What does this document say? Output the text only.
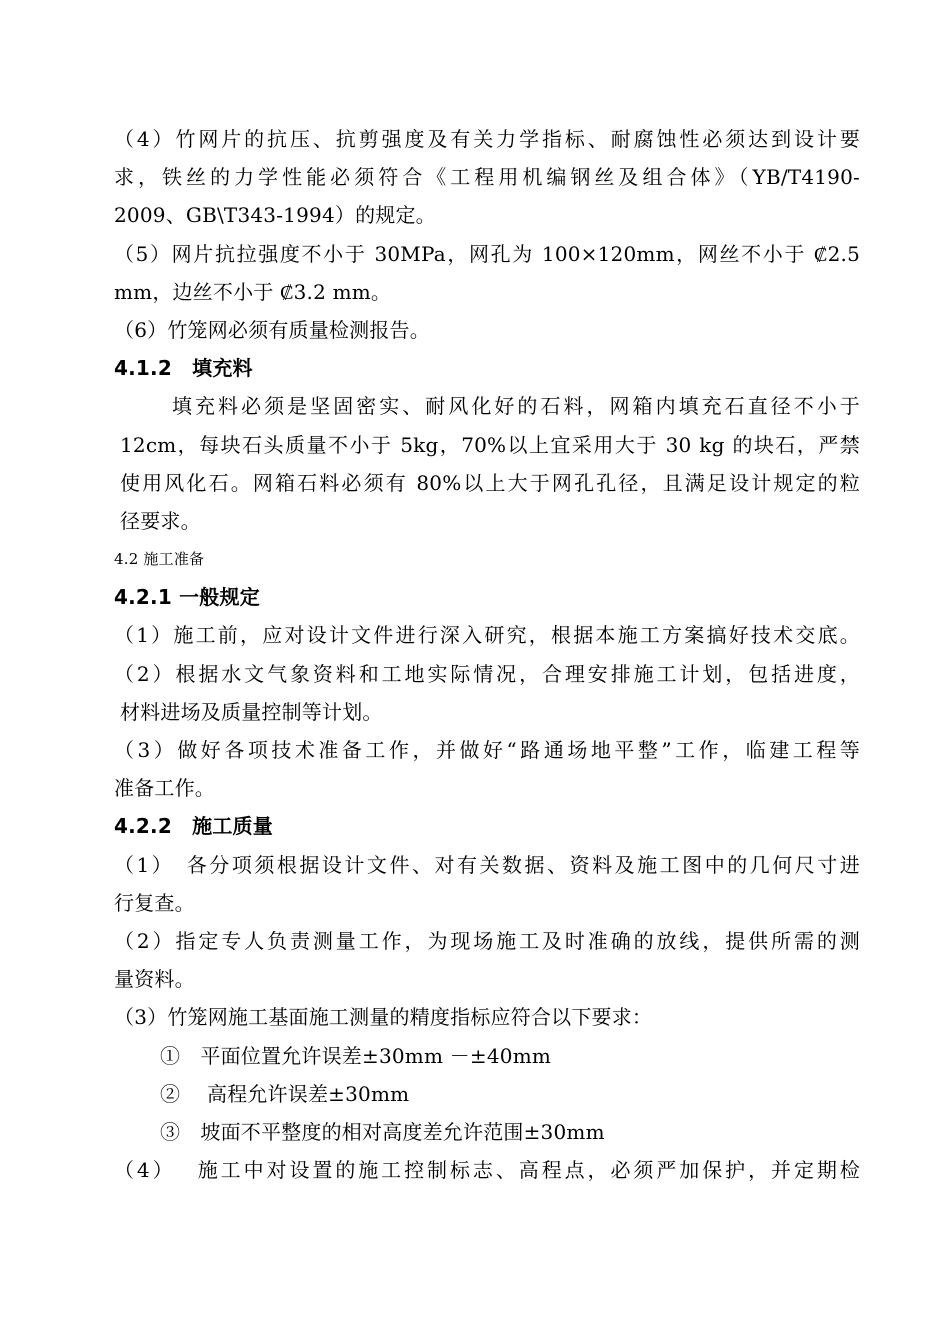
（4）竹网片的抗压、抗剪强度及有关力学指标、耐腐蚀性必须达到设计要
求，铁丝的力学性能必须符合《工程用机编钢丝及组合体》（YB/T4190-
2009、GB\T343-1994）的规定。
（5）网片抗拉强度不小于 30MPa，网孔为 100×120mm，网丝不小于 ₡2.5
mm，边丝不小于 ₡3.2 mm。
（6）竹笼网必须有质量检测报告。
4.1.2　填充料
填充料必须是坚固密实、耐风化好的石料，网箱内填充石直径不小于
12cm，每块石头质量不小于 5kg，70%以上宜采用大于 30 kg 的块石，严禁
使用风化石。网箱石料必须有 80%以上大于网孔孔径，且满足设计规定的粒
径要求。
4.2 施工准备
4.2.1 一般规定
（1）施工前，应对设计文件进行深入研究，根据本施工方案搞好技术交底。
（2）根据水文气象资料和工地实际情况，合理安排施工计划，包括进度，
材料进场及质量控制等计划。
（3）做好各项技术准备工作，并做好“路通场地平整”工作，临建工程等
准备工作。
4.2.2　施工质量
（1）　各分项须根据设计文件、对有关数据、资料及施工图中的几何尺寸进
行复查。
（2）指定专人负责测量工作，为现场施工及时准确的放线，提供所需的测
量资料。
（3）竹笼网施工基面施工测量的精度指标应符合以下要求：
①　平面位置允许误差±30mm －±40mm
②　 高程允许误差±30mm
③　坡面不平整度的相对高度差允许范围±30mm
（4）　 施工中对设置的施工控制标志、高程点，必须严加保护，并定期检
